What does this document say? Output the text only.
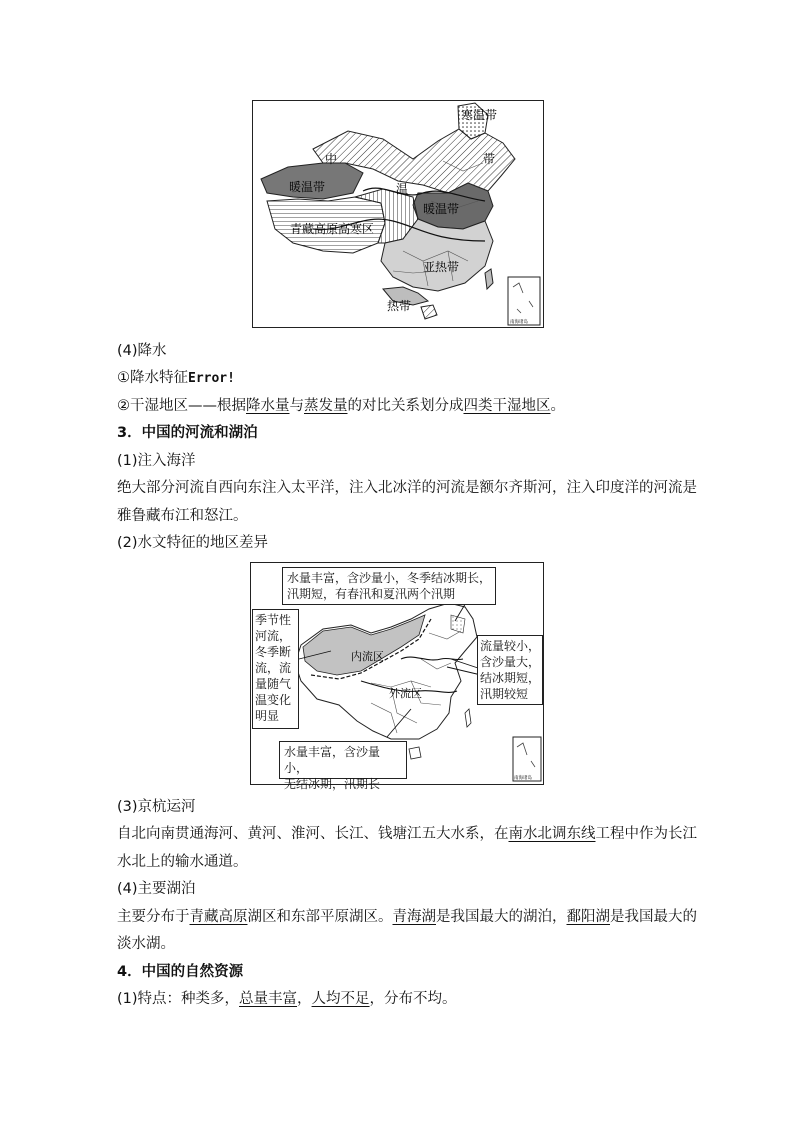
寒温带
带
中
暖温带	温
暖温带
青藏高原高寒区
亚热带
热带
南海诸岛
(4)降水
①降水特征Error!
②干湿地区——根据降水量与蒸发量的对比关系划分成四类干湿地区。
3．中国的河流和湖泊
(1)注入海洋
绝大部分河流自西向东注入太平洋，注入北冰洋的河流是额尔齐斯河，注入印度洋的河流是
雅鲁藏布江和怒江。
(2)水文特征的地区差异
内流区
外流区
南海诸岛
水量丰富，含沙量小，冬季结冰期长，
汛期短，有春汛和夏汛两个汛期
季节性
河流，
冬季断
流，流
量随气
温变化
明显
流量较小，
含沙量大，
结冰期短，
汛期较短
水量丰富，含沙量小，
无结冰期，汛期长
(3)京杭运河
自北向南贯通海河、黄河、淮河、长江、钱塘江五大水系，在南水北调东线工程中作为长江
水北上的输水通道。
(4)主要湖泊
主要分布于青藏高原湖区和东部平原湖区。青海湖是我国最大的湖泊，鄱阳湖是我国最大的
淡水湖。
4．中国的自然资源
(1)特点：种类多，总量丰富，人均不足，分布不均。
